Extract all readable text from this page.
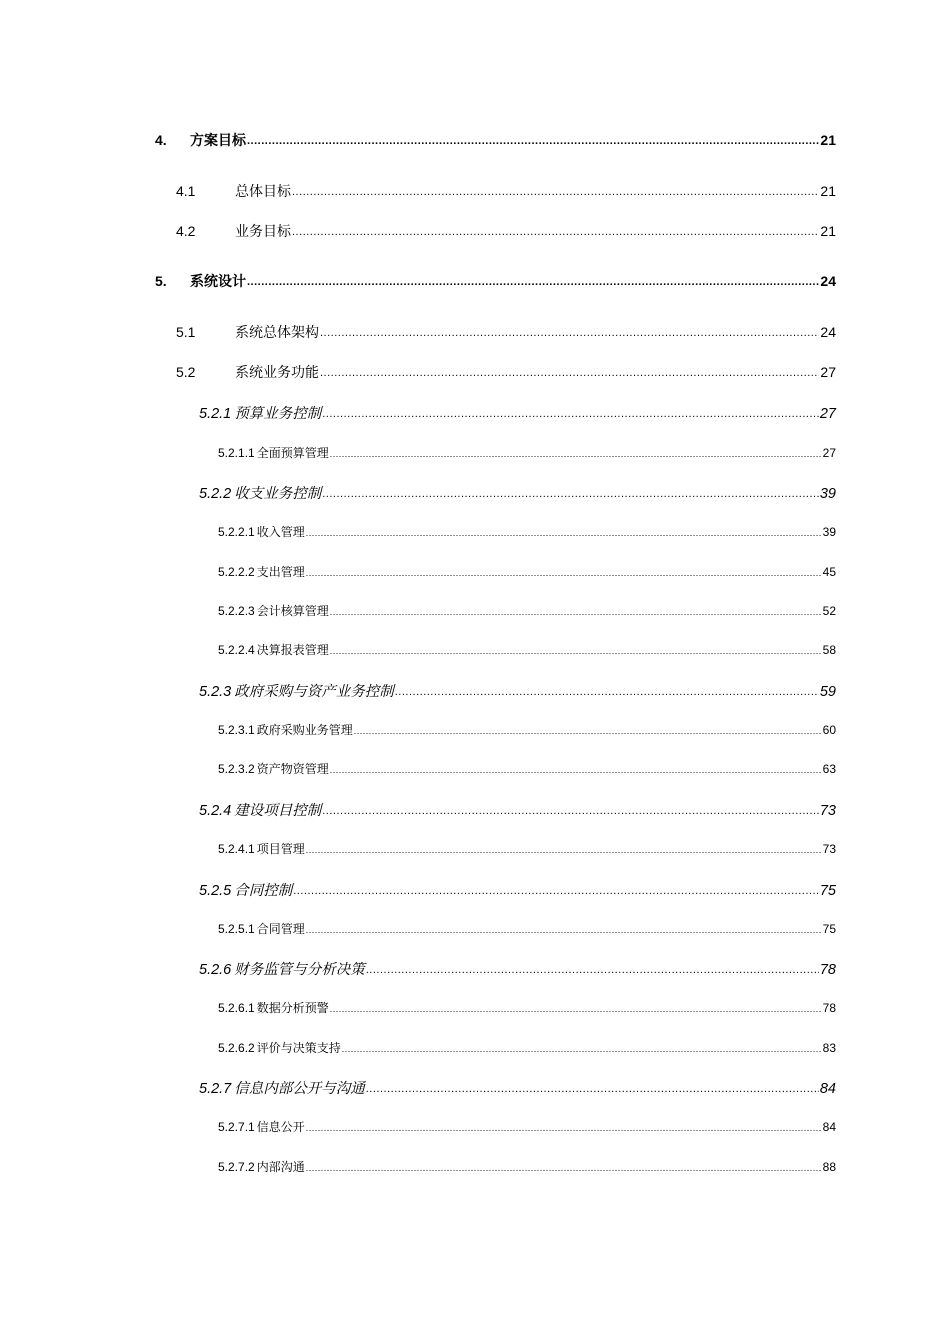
4.	方案目标 .....	21
4.1	总体目标 .....	21
4.2	业务目标 .....	21
5.	系统设计 .....	24
5.1	系统总体架构 .....	24
5.2	系统业务功能 .....	27
5.2.1 预算业务控制 .....	27
5.2.1.1 全面预算管理 .....	27
5.2.2 收支业务控制 .....	39
5.2.2.1 收入管理 .....	39
5.2.2.2 支出管理 .....	45
5.2.2.3 会计核算管理 .....	52
5.2.2.4 决算报表管理 .....	58
5.2.3 政府采购与资产业务控制 .....	59
5.2.3.1 政府采购业务管理 .....	60
5.2.3.2 资产物资管理 .....	63
5.2.4 建设项目控制 .....	73
5.2.4.1 项目管理 .....	73
5.2.5 合同控制 .....	75
5.2.5.1 合同管理 .....	75
5.2.6 财务监管与分析决策 .....	78
5.2.6.1 数据分析预警 .....	78
5.2.6.2 评价与决策支持 .....	83
5.2.7 信息内部公开与沟通 .....	84
5.2.7.1 信息公开 .....	84
5.2.7.2 内部沟通 .....	88
